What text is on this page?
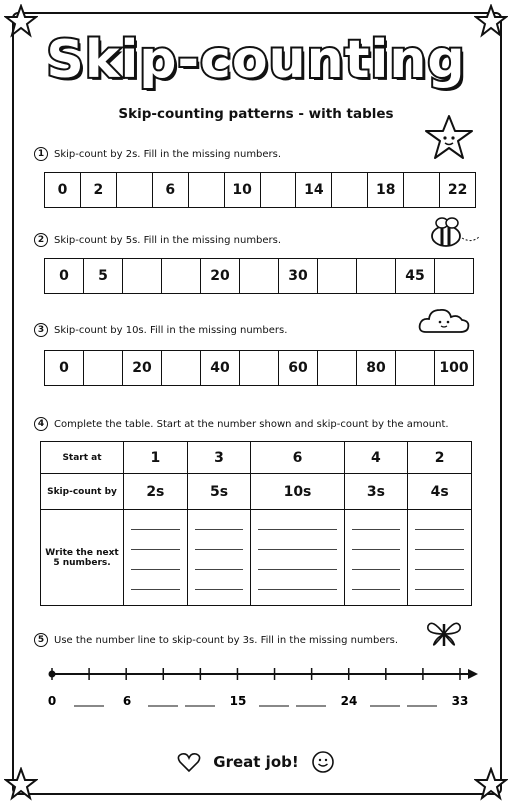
Skip-counting
Skip-counting patterns - with tables
1 Skip-count by 2s. Fill in the missing numbers.
0	2	6	10	14	18	22
2 Skip-count by 5s. Fill in the missing numbers.
0	5	20	30	45
3 Skip-count by 10s. Fill in the missing numbers.
0	20	40	60	80	100
4 Complete the table. Start at the number shown and skip-count by the amount.
Start at	1	3	6	4	2
Skip-count by	2s	5s	10s	3s	4s
Write the next 5 numbers.	

5 Use the number line to skip-count by 3s. Fill in the missing numbers.
0	6	15	24	33
Great job!
